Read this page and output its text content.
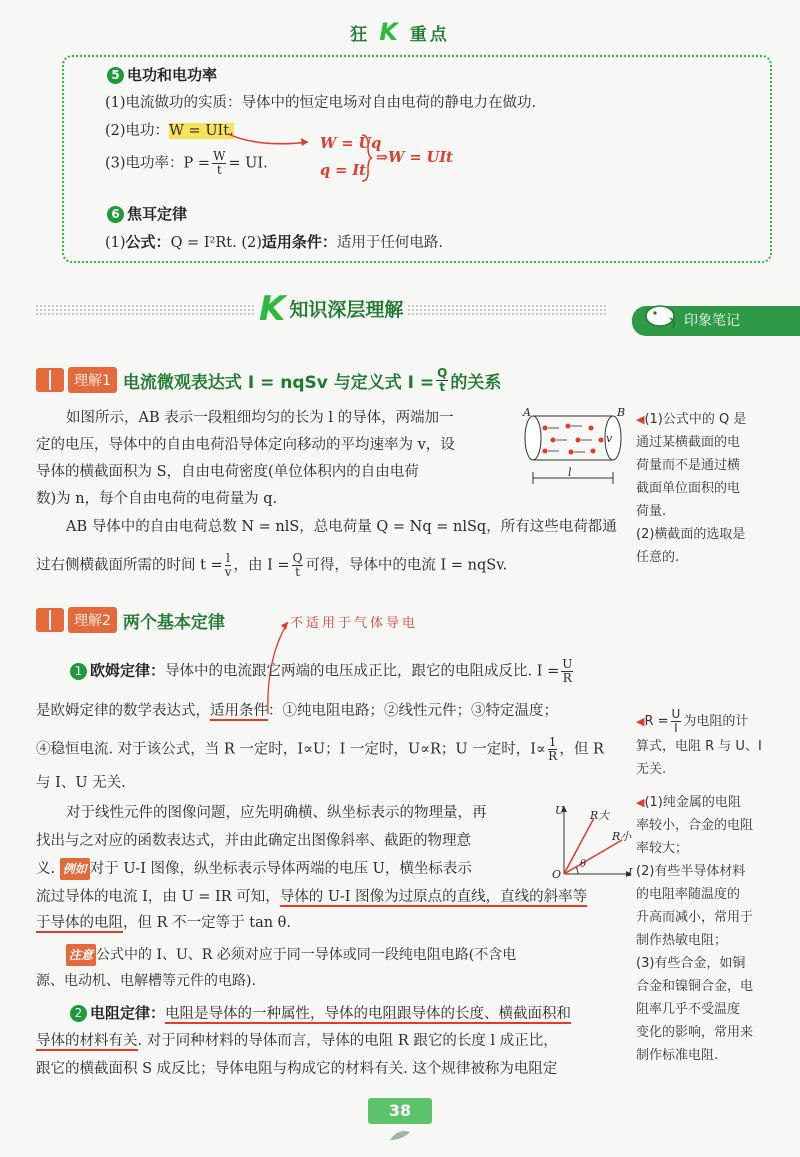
狂 K 重点
5 电功和电功率
(1)电流做功的实质：导体中的恒定电场对自由电荷的静电力在做功.
(2)电功：W = UIt.
(3)电功率：$P = \frac{W}{t}$ = UI.
W = Uq
q = It
⇒W = UIt
6 焦耳定律
(1)公式：Q = I²Rt. (2)适用条件：适用于任何电路.
K知识深层理解	印象笔记
理解1 电流微观表达式 I = nqSv 与定义式 $I = \frac{Q}{t}$ 的关系
如图所示，AB 表示一段粗细均匀的长为 l 的导体，两端加一
定的电压，导体中的自由电荷沿导体定向移动的平均速率为 v，设
导体的横截面积为 S，自由电荷密度(单位体积内的自由电荷
数)为 n，每个自由电荷的电荷量为 q.
A	B
v
l
AB 导体中的自由电荷总数 N = nlS，总电荷量 Q = Nq = nlSq，所有这些电荷都通
过右侧横截面所需的时间 $t = \frac{l}{v}$ ，由 $I = \frac{Q}{t}$ 可得，导体中的电流 I = nqSv.

◀(1)公式中的 Q 是

通过某横截面的电

荷量而不是通过横

截面单位面积的电

荷量.

(2)横截面的选取是

任意的.

理解2 两个基本定律	不适用于气体导电
1 欧姆定律：导体中的电流跟它两端的电压成正比，跟它的电阻成反比. $I = \frac{U}{R}$
是欧姆定律的数学表达式，适用条件：①纯电阻电路；②线性元件；③特定温度；
④稳恒电流. 对于该公式，当 R 一定时，I∝U；I 一定时，U∝R；U 一定时，$I\propto \frac{1}{R}$ ，但 R
与 I、U 无关.
对于线性元件的图像问题，应先明确横、纵坐标表示的物理量，再
找出与之对应的函数表达式，并由此确定出图像斜率、截距的物理意
义. 例如 对于 U-I 图像，纵坐标表示导体两端的电压 U，横坐标表示
流过导体的电流 I，由 U = IR 可知，导体的 U-I 图像为过原点的直线，直线的斜率等
于导体的电阻，但 R 不一定等于 tan θ.
U
I
O
R大
R小
θ
注意 公式中的 I、U、R 必须对应于同一导体或同一段纯电阻电路(不含电
源、电动机、电解槽等元件的电路).
2 电阻定律：电阻是导体的一种属性，导体的电阻跟导体的长度、横截面积和
导体的材料有关. 对于同种材料的导体而言，导体的电阻 R 跟它的长度 l 成正比，
跟它的横截面积 S 成反比；导体电阻与构成它的材料有关. 这个规律被称为电阻定

◀R = $\frac{U}{I}$ 为电阻的计

算式，电阻 R 与 U、I

无关.

◀(1)纯金属的电阻

率较小，合金的电阻

率较大；

(2)有些半导体材料

的电阻率随温度的

升高而减小，常用于

制作热敏电阻；

(3)有些合金，如铜

合金和镍铜合金，电

阻率几乎不受温度

变化的影响，常用来

制作标准电阻.

38
